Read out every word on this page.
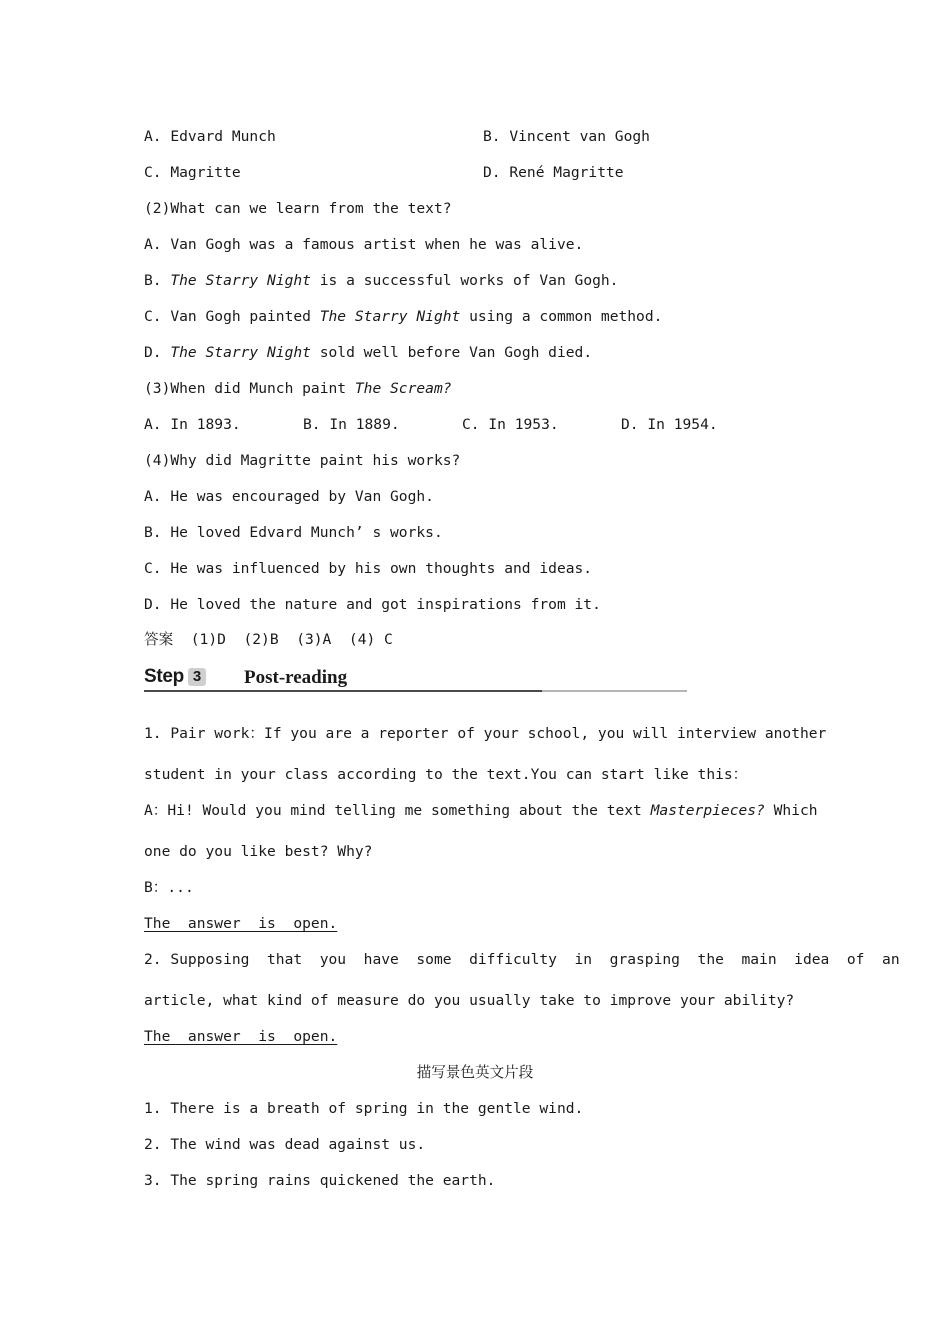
A. Edvard Munch	B. Vincent van Gogh

C. Magritte	D. René Magritte

(2)What can we learn from the text?

A. Van Gogh was a famous artist when he was alive.

B. The Starry Night is a successful works of Van Gogh.

C. Van Gogh painted The Starry Night using a common method.

D. The Starry Night sold well before Van Gogh died.

(3)When did Munch paint The Scream?

A. In 1893.	B. In 1889.	C. In 1953.	D. In 1954.

(4)Why did Magritte paint his works?

A. He was encouraged by Van Gogh.

B. He loved Edvard Munch’ s works.

C. He was influenced by his own thoughts and ideas.

D. He loved the nature and got inspirations from it.

答案  (1)D  (2)B  (3)A  (4) C

Step 3 Post-reading

1. Pair work：If you are a reporter of your school, you will interview another

student in your class according to the text.You can start like this：

A：Hi! Would you mind telling me something about the text Masterpieces? Which

one do you like best? Why?

B：...

The  answer  is  open.

2. Supposing  that  you  have  some  difficulty  in  grasping  the  main  idea  of  an

article, what kind of measure do you usually take to improve your ability?

The  answer  is  open.

描写景色英文片段

1. There is a breath of spring in the gentle wind.

2. The wind was dead against us.

3. The spring rains quickened the earth.
